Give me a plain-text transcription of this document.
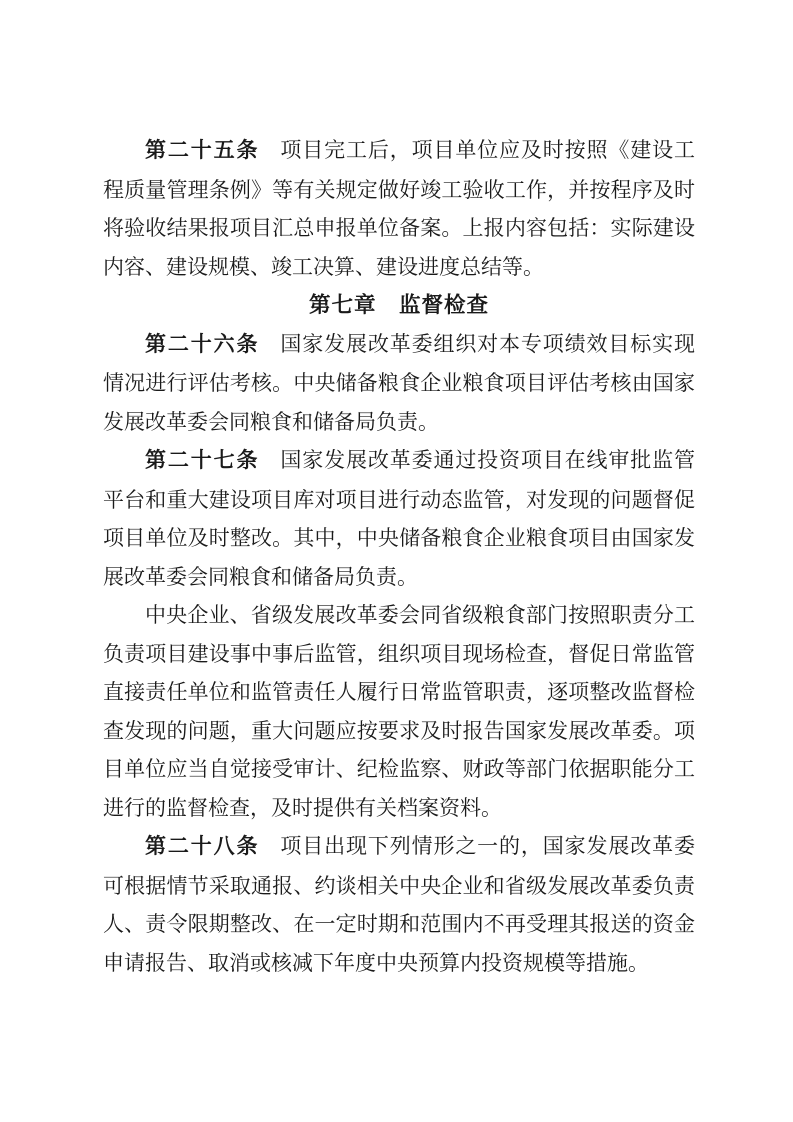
第二十五条 项目完工后，项目单位应及时按照《建设工程质量管理条例》等有关规定做好竣工验收工作，并按程序及时将验收结果报项目汇总申报单位备案。上报内容包括：实际建设内容、建设规模、竣工决算、建设进度总结等。

第七章　监督检查

第二十六条 国家发展改革委组织对本专项绩效目标实现情况进行评估考核。中央储备粮食企业粮食项目评估考核由国家发展改革委会同粮食和储备局负责。

第二十七条 国家发展改革委通过投资项目在线审批监管平台和重大建设项目库对项目进行动态监管，对发现的问题督促项目单位及时整改。其中，中央储备粮食企业粮食项目由国家发展改革委会同粮食和储备局负责。

中央企业、省级发展改革委会同省级粮食部门按照职责分工负责项目建设事中事后监管，组织项目现场检查，督促日常监管直接责任单位和监管责任人履行日常监管职责，逐项整改监督检查发现的问题，重大问题应按要求及时报告国家发展改革委。项目单位应当自觉接受审计、纪检监察、财政等部门依据职能分工进行的监督检查，及时提供有关档案资料。

第二十八条 项目出现下列情形之一的，国家发展改革委可根据情节采取通报、约谈相关中央企业和省级发展改革委负责人、责令限期整改、在一定时期和范围内不再受理其报送的资金申请报告、取消或核减下年度中央预算内投资规模等措施。
